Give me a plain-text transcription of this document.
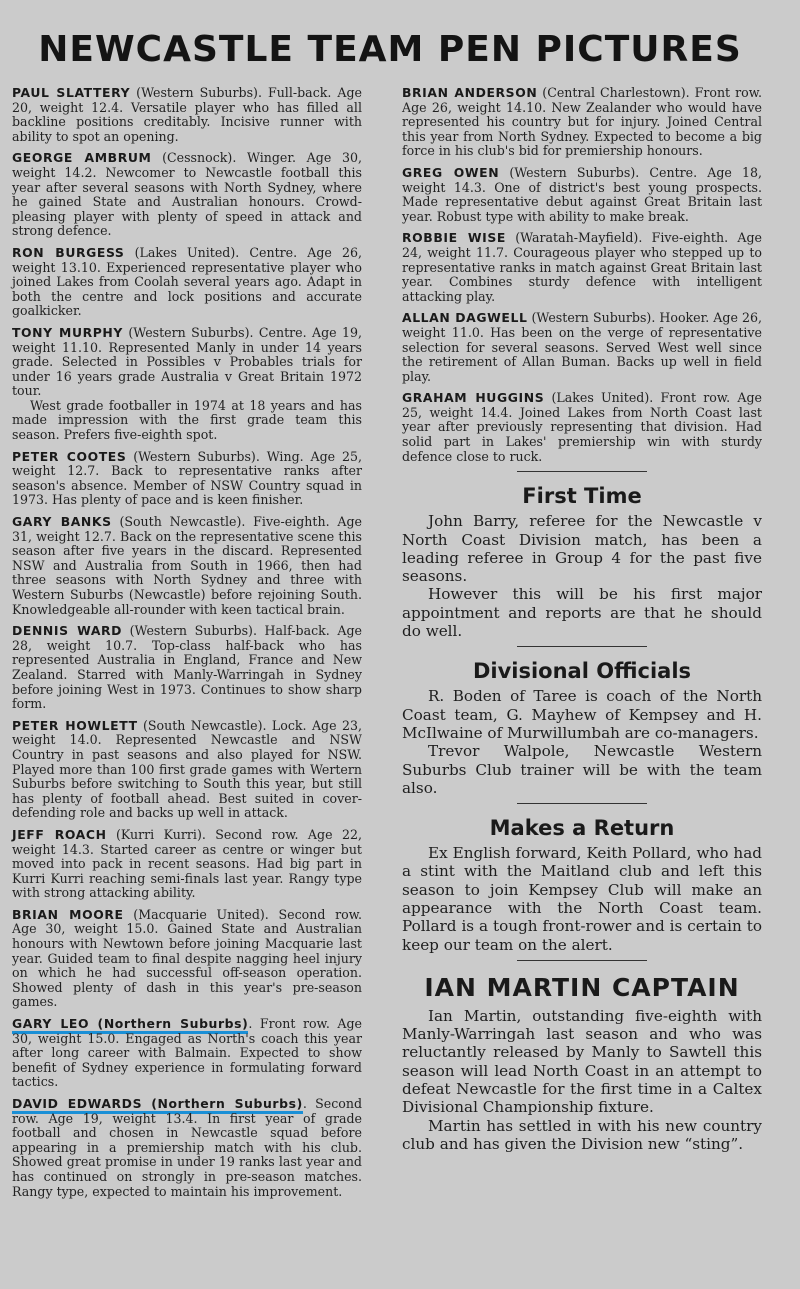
NEWCASTLE TEAM PEN PICTURES

PAUL SLATTERY (Western Suburbs). Full-back. Age 20, weight 12.4. Versatile player who has filled all backline positions creditably. Incisive runner with ability to spot an opening.

GEORGE AMBRUM (Cessnock). Winger. Age 30, weight 14.2. Newcomer to Newcastle football this year after several seasons with North Sydney, where he gained State and Australian honours. Crowd-pleasing player with plenty of speed in attack and strong defence.

RON BURGESS (Lakes United). Centre. Age 26, weight 13.10. Experienced representative player who joined Lakes from Coolah several years ago. Adapt in both the centre and lock positions and accurate goalkicker.

TONY MURPHY (Western Suburbs). Centre. Age 19, weight 11.10. Represented Manly in under 14 years grade. Selected in Possibles v Probables trials for under 16 years grade Australia v Great Britain 1972 tour.
West grade footballer in 1974 at 18 years and has made impression with the first grade team this season. Prefers five-eighth spot.

PETER COOTES (Western Suburbs). Wing. Age 25, weight 12.7. Back to representative ranks after season's absence. Member of NSW Country squad in 1973. Has plenty of pace and is keen finisher.

GARY BANKS (South Newcastle). Five-eighth. Age 31, weight 12.7. Back on the representative scene this season after five years in the discard. Represented NSW and Australia from South in 1966, then had three seasons with North Sydney and three with Western Suburbs (Newcastle) before rejoining South. Knowledgeable all-rounder with keen tactical brain.

DENNIS WARD (Western Suburbs). Half-back. Age 28, weight 10.7. Top-class half-back who has represented Australia in England, France and New Zealand. Starred with Manly-Warringah in Sydney before joining West in 1973. Continues to show sharp form.

PETER HOWLETT (South Newcastle). Lock. Age 23, weight 14.0. Represented Newcastle and NSW Country in past seasons and also played for NSW. Played more than 100 first grade games with Wertern Suburbs before switching to South this year, but still has plenty of football ahead. Best suited in cover-defending role and backs up well in attack.

JEFF ROACH (Kurri Kurri). Second row. Age 22, weight 14.3. Started career as centre or winger but moved into pack in recent seasons. Had big part in Kurri Kurri reaching semi-finals last year. Rangy type with strong attacking ability.

BRIAN MOORE (Macquarie United). Second row. Age 30, weight 15.0. Gained State and Australian honours with Newtown before joining Macquarie last year. Guided team to final despite nagging heel injury on which he had successful off-season operation. Showed plenty of dash in this year's pre-season games.

GARY LEO (Northern Suburbs). Front row. Age 30, weight 15.0. Engaged as North's coach this year after long career with Balmain. Expected to show benefit of Sydney experience in formulating forward tactics.

DAVID EDWARDS (Northern Suburbs). Second row. Age 19, weight 13.4. In first year of grade football and chosen in Newcastle squad before appearing in a premiership match with his club. Showed great promise in under 19 ranks last year and has continued on strongly in pre-season matches. Rangy type, expected to maintain his improvement.

BRIAN ANDERSON (Central Charlestown). Front row. Age 26, weight 14.10. New Zealander who would have represented his country but for injury. Joined Central this year from North Sydney. Expected to become a big force in his club's bid for premiership honours.

GREG OWEN (Western Suburbs). Centre. Age 18, weight 14.3. One of district's best young prospects. Made representative debut against Great Britain last year. Robust type with ability to make break.

ROBBIE WISE (Waratah-Mayfield). Five-eighth. Age 24, weight 11.7. Courageous player who stepped up to representative ranks in match against Great Britain last year. Combines sturdy defence with intelligent attacking play.

ALLAN DAGWELL (Western Suburbs). Hooker. Age 26, weight 11.0. Has been on the verge of representative selection for several seasons. Served West well since the retirement of Allan Buman. Backs up well in field play.

GRAHAM HUGGINS (Lakes United). Front row. Age 25, weight 14.4. Joined Lakes from North Coast last year after previously representing that division. Had solid part in Lakes' premiership win with sturdy defence close to ruck.

First Time

John Barry, referee for the Newcastle v North Coast Division match, has been a leading referee in Group 4 for the past five seasons.

However this will be his first major appointment and reports are that he should do well.

Divisional Officials

R. Boden of Taree is coach of the North Coast team, G. Mayhew of Kempsey and H. McIlwaine of Murwillumbah are co-managers.

Trevor Walpole, Newcastle Western Suburbs Club trainer will be with the team also.

Makes a Return

Ex English forward, Keith Pollard, who had a stint with the Maitland club and left this season to join Kempsey Club will make an appearance with the North Coast team. Pollard is a tough front-rower and is certain to keep our team on the alert.

IAN MARTIN CAPTAIN

Ian Martin, outstanding five-eighth with Manly-Warringah last season and who was reluctantly released by Manly to Sawtell this season will lead North Coast in an attempt to defeat Newcastle for the first time in a Caltex Divisional Championship fixture.

Martin has settled in with his new country club and has given the Division new “sting”.
